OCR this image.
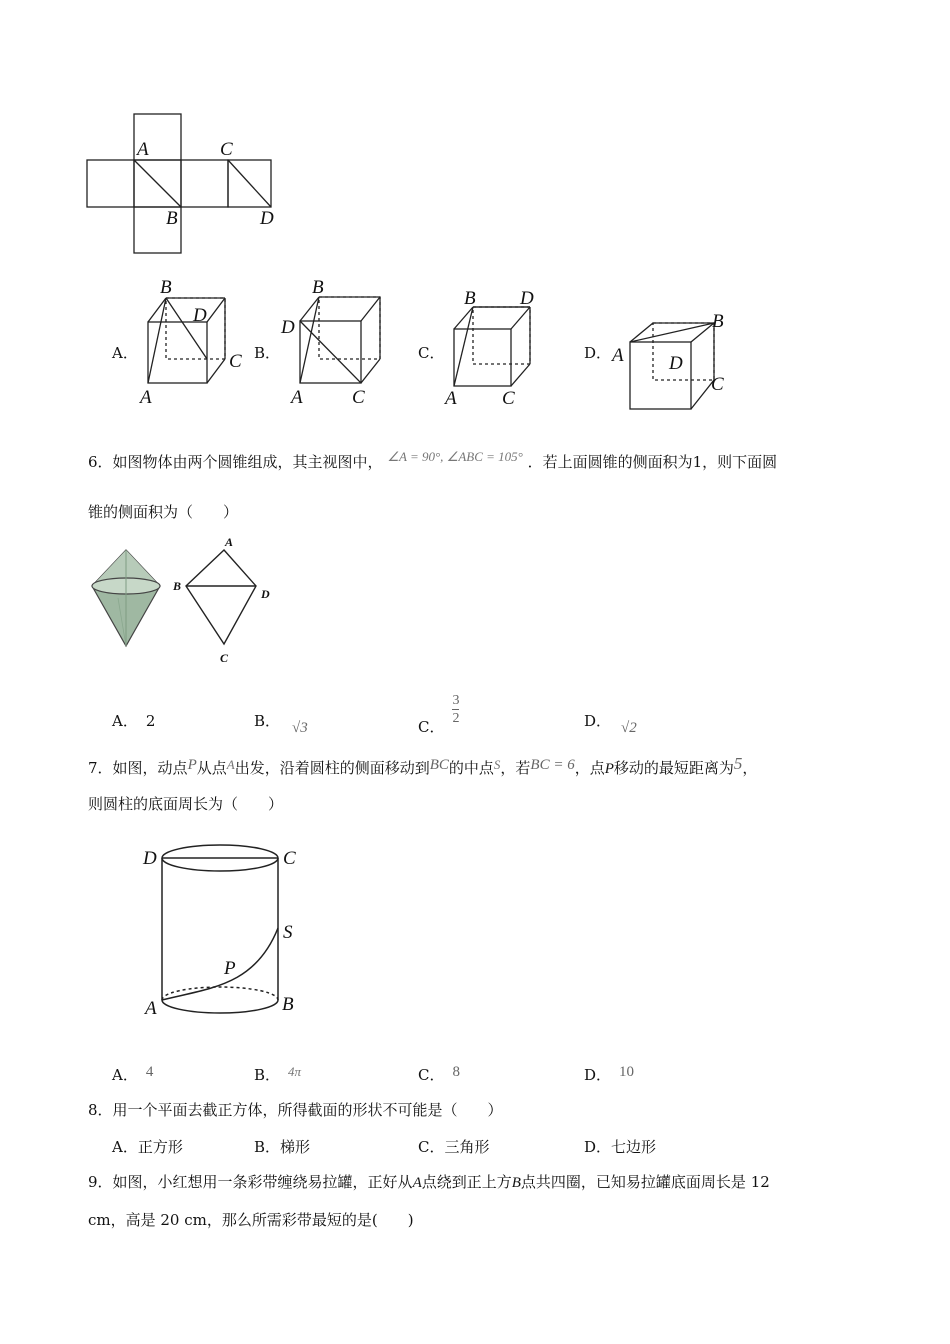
A	C
B	D
A．
B
D
C
A
B．
B
D
A	C
C．
B D
A C
D．
B
A D
C
6．如图物体由两个圆锥组成，其主视图中， ∠A = 90°, ∠ABC = 105° ．若上面圆锥的侧面积为1，则下面圆
锥的侧面积为（　　）
A
B
D
C
A． 2	B． √3	C． $\frac{3}{2}$	D． √2
7．如图，动点P从点A出发，沿着圆柱的侧面移动到BC的中点S，若BC = 6，点P移动的最短距离为5，
则圆柱的底面周长为（　　）
D	C
S
P
A	B
A． 4	B． 4π	C． 8	D． 10
8．用一个平面去截正方体，所得截面的形状不可能是（　　）
A．正方形	B．梯形	C．三角形	D．七边形
9．如图，小红想用一条彩带缠绕易拉罐，正好从A点绕到正上方B点共四圈，已知易拉罐底面周长是 12
cm，高是 20 cm，那么所需彩带最短的是(　　)
